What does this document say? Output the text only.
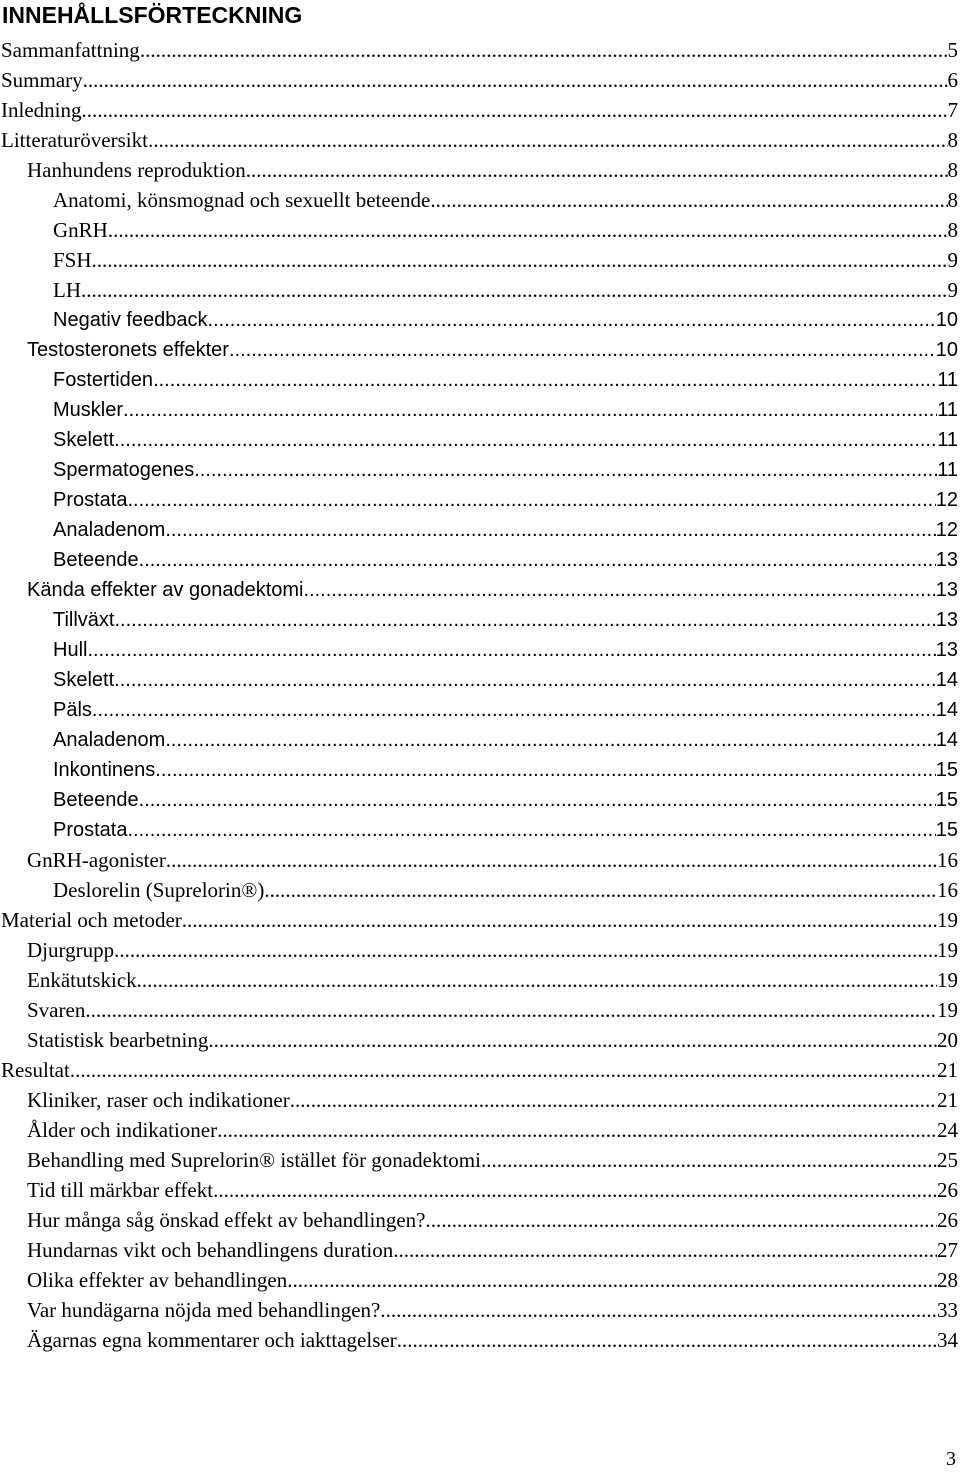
INNEHÅLLSFÖRTECKNING
Sammanfattning .....	5
Summary .....	6
Inledning .....	7
Litteraturöversikt .....	8
Hanhundens reproduktion .....	8
Anatomi, könsmognad och sexuellt beteende .....	8
GnRH .....	8
FSH .....	9
LH .....	9
Negativ feedback .....	10
Testosteronets effekter .....	10
Fostertiden .....	11
Muskler .....	11
Skelett .....	11
Spermatogenes .....	11
Prostata .....	12
Analadenom .....	12
Beteende .....	13
Kända effekter av gonadektomi .....	13
Tillväxt .....	13
Hull .....	13
Skelett .....	14
Päls .....	14
Analadenom .....	14
Inkontinens .....	15
Beteende .....	15
Prostata .....	15
GnRH-agonister .....	16
Deslorelin (Suprelorin®) .....	16
Material och metoder .....	19
Djurgrupp .....	19
Enkätutskick .....	19
Svaren .....	19
Statistisk bearbetning .....	20
Resultat .....	21
Kliniker, raser och indikationer .....	21
Ålder och indikationer .....	24
Behandling med Suprelorin® istället för gonadektomi .....	25
Tid till märkbar effekt .....	26
Hur många såg önskad effekt av behandlingen? .....	26
Hundarnas vikt och behandlingens duration .....	27
Olika effekter av behandlingen .....	28
Var hundägarna nöjda med behandlingen? .....	33
Ägarnas egna kommentarer och iakttagelser .....	34
3
